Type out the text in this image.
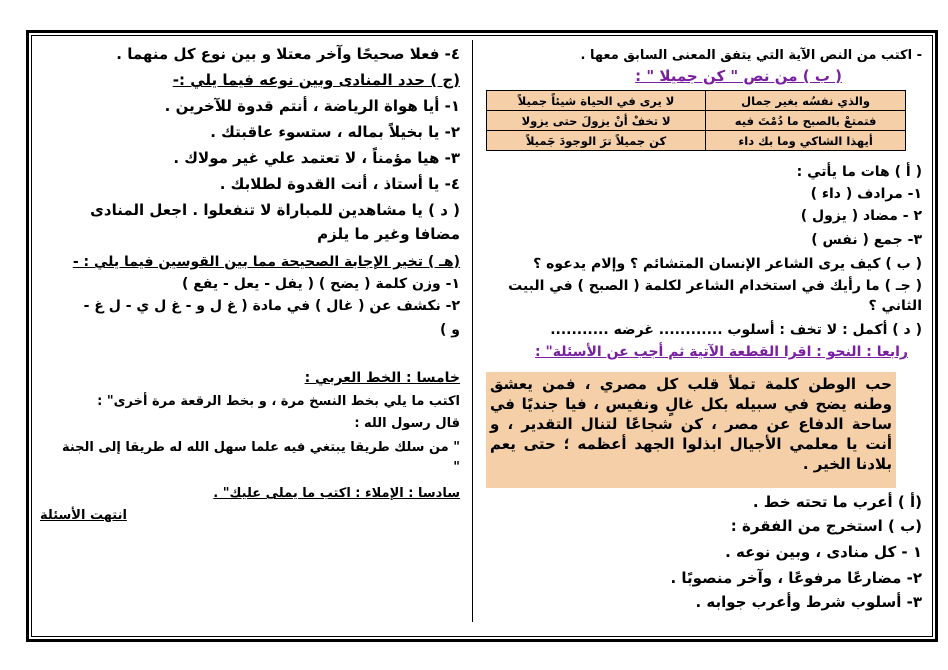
- اكتب من النص الآية التي يتفق المعنى السابق معها .
( ب ) من نص " كن جميلا " :
والذي نفسُه بغير جمال	لا يرى في الحياة شيئاً جميلاً
فتمتعْ بالصبح ما دُمْتَ فيه	لا تخفْ أنْ يزولَ حتى يزولا
أيهذا الشاكي وما بك داء	كن جميلاً ترَ الوجودَ جَميلاً
( أ ) هات ما يأتي :
١- مرادف ( داء )
٢ - مضاد ( يزول )
٣- جمع ( نفس )
( ب ) كيف يرى الشاعر الإنسان المتشائم ؟ وإلام يدعوه ؟
( جـ ) ما رأيك في استخدام الشاعر لكلمة ( الصبح ) في البيت
الثاني ؟
( د ) أكمل : لا تخف : أسلوب ............ غرضه ...........
رابعا : النحو : اقرا القطعة الآتية ثم أجب عن الأسئلة" :
حب الوطن كلمة تملأ قلب كل مصري ، فمن يعشق وطنه يضح في سبيله بكل غالٍ ونفيس ، فيا جنديًا في ساحة الدفاع عن مصر ، كن شجاعًا لتنال التقدير ، و أنت يا معلمي الأجيال ابذلوا الجهد أعظمه ؛ حتى يعم بلادنا الخير .
(أ ) أعرب ما تحته خط .
(ب ) استخرج من الفقرة :
١ - كل منادى ، وبين نوعه .
٢- مضارعًا مرفوعًا ، وآخر منصوبًا .
٣- أسلوب شرط وأعرب جوابه .
٤- فعلا صحيحًا وآخر معتلا و بين نوع كل منهما .
(ج ) حدد المنادى وبين نوعه فيما يلي :-
١- أيا هواة الرياضة ، أنتم قدوة للآخرين .
٢- يا بخيلاً بماله ، ستسوء عاقبتك .
٣- هيا مؤمناً ، لا تعتمد علي غير مولاك .
٤- يا أستاذ ، أنت القدوة لطلابك .
( د ) يا مشاهدين للمباراة لا تنفعلوا . اجعل المنادى
مضافا وغير ما يلزم
(هـ ) تخير الإجابة الصحيحة مما بين القوسين فيما يلي : -
١- وزن كلمة ( يضح ) ( يفل - يعل - يفع )
٢- نكشف عن ( غال ) في مادة ( غ ل و - غ ل ي - ل غ -
و )
خامسا : الخط العربي :
اكتب ما يلي بخط النسخ مرة ، و بخط الرقعة مرة أخرى" :
قال رسول الله :
" من سلك طريقا يبتغي فيه علما سهل الله له طريقا إلى الجنة
"
سادسا : الإملاء : اكتب ما يملى عليك" .
انتهت الأسئلة
